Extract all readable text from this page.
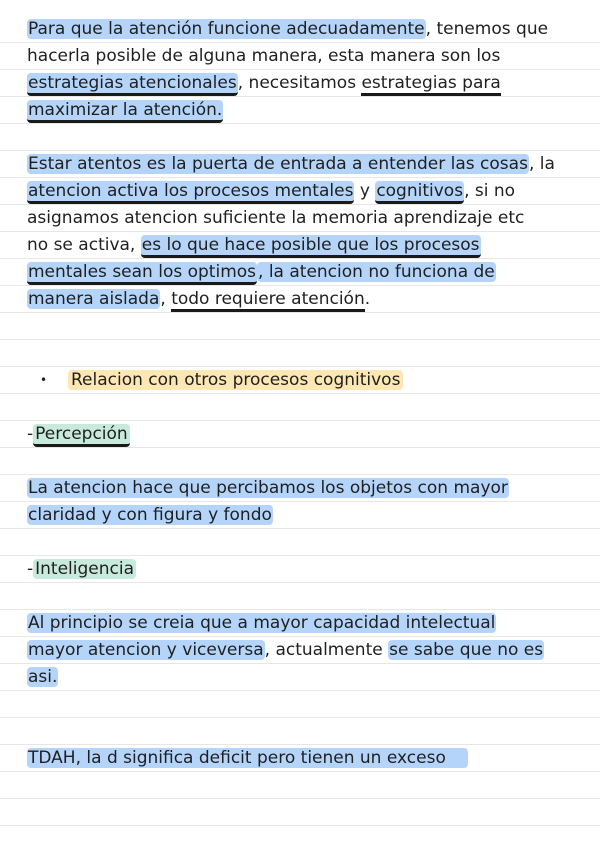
Para que la atención funcione adecuadamente, tenemos que
hacerla posible de alguna manera, esta manera son los
estrategias atencionales, necesitamos estrategias para
maximizar la atención.
Estar atentos es la puerta de entrada a entender las cosas, la
atencion activa los procesos mentales y cognitivos, si no
asignamos atencion suficiente la memoria aprendizaje etc
no se activa, es lo que hace posible que los procesos
mentales sean los optimos , la atencion no funciona de
manera aislada, todo requiere atención.
• Relacion con otros procesos cognitivos
- Percepción
La atencion hace que percibamos los objetos con mayor
claridad y con figura y fondo
- Inteligencia
Al principio se creia que a mayor capacidad intelectual
mayor atencion y viceversa, actualmente se sabe que no es
asi.
TDAH, la d significa deficit pero tienen un exceso
